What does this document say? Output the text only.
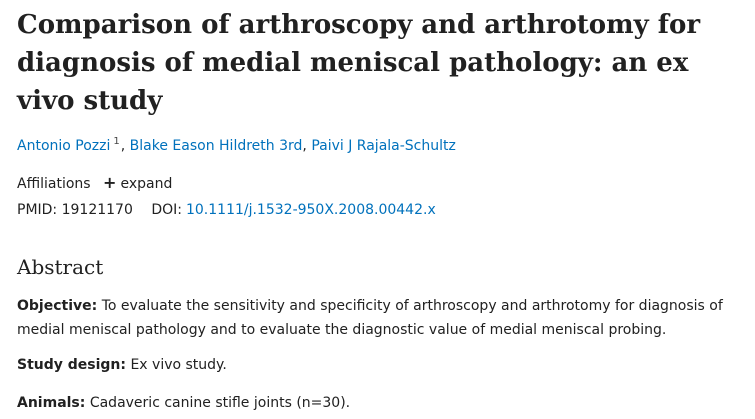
Comparison of arthroscopy and arthrotomy for diagnosis of medial meniscal pathology: an ex vivo study
Antonio Pozzi $^1$, Blake Eason Hildreth 3rd, Paivi J Rajala-Schultz
Affiliations + expand
PMID: 19121170 DOI: 10.1111/j.1532-950X.2008.00442.x
Abstract

Objective: To evaluate the sensitivity and specificity of arthroscopy and arthrotomy for diagnosis of medial meniscal pathology and to evaluate the diagnostic value of medial meniscal probing.

Study design: Ex vivo study.

Animals: Cadaveric canine stifle joints (n=30).
